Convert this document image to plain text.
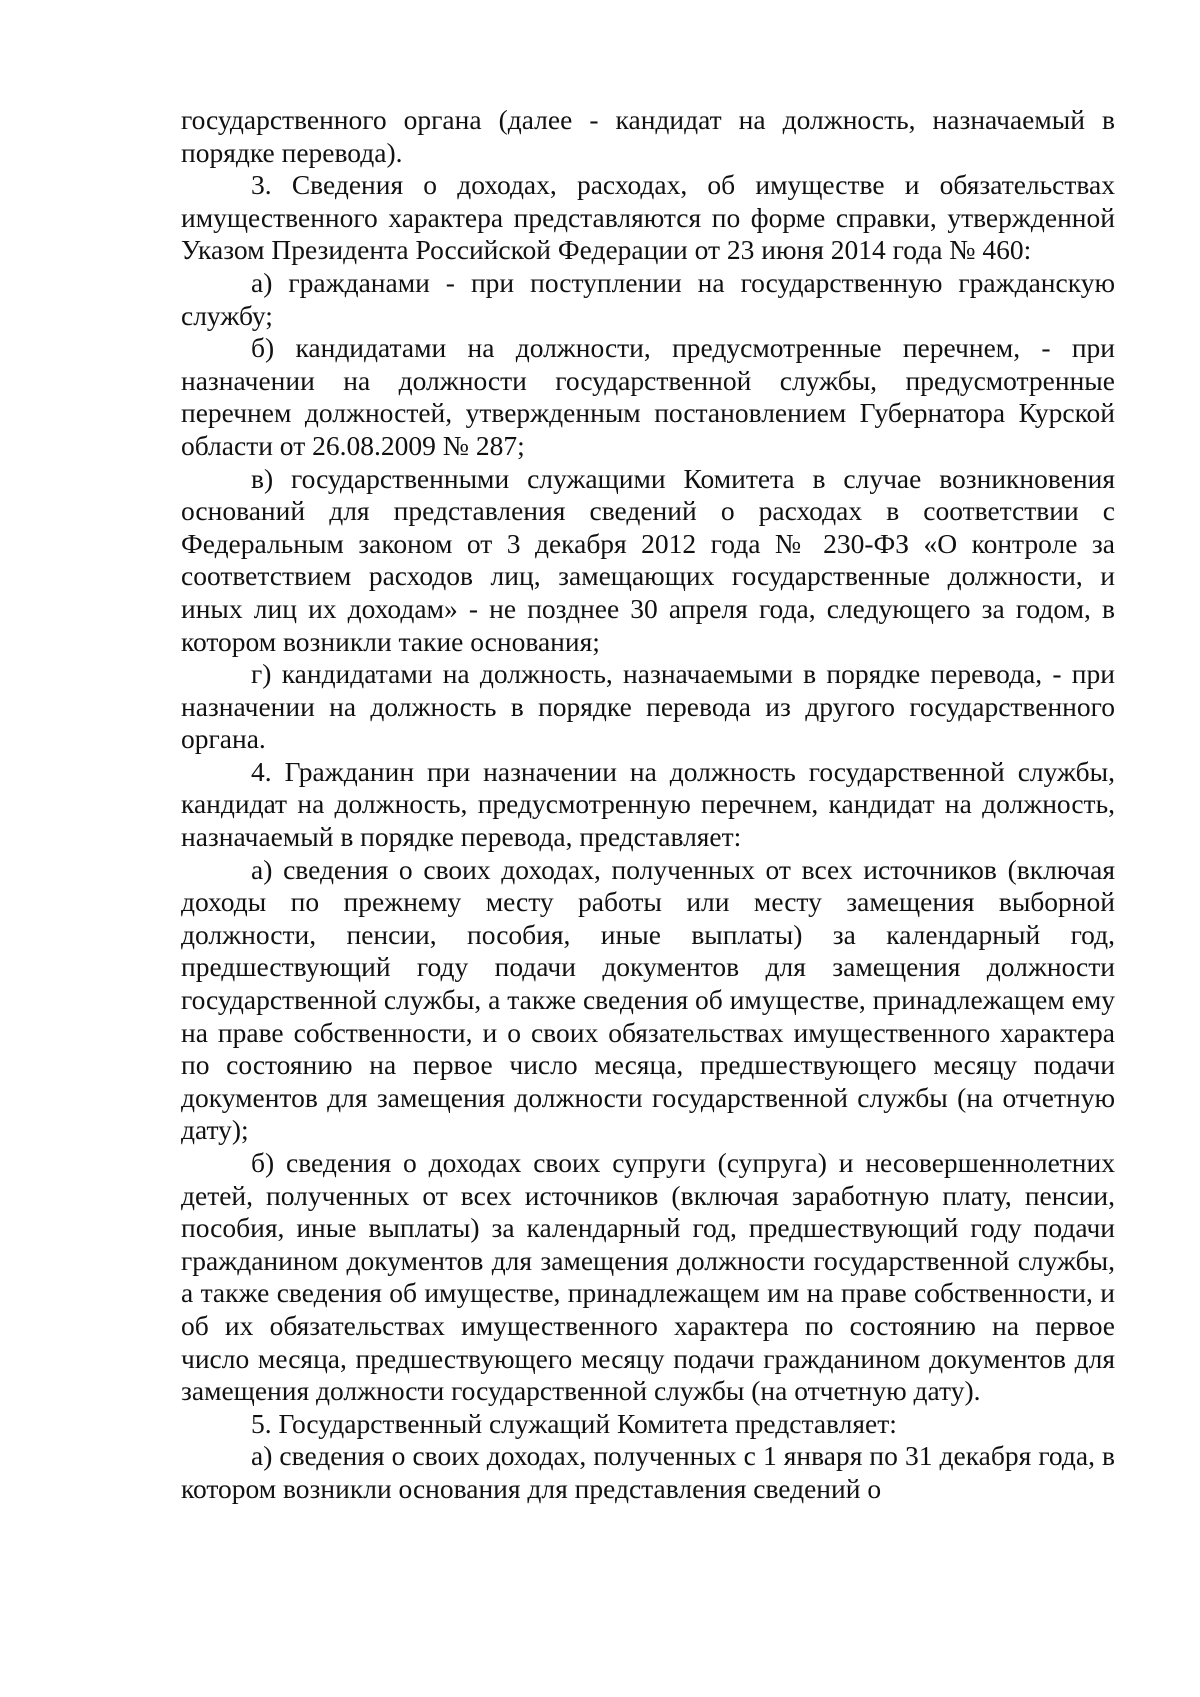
государственного органа (далее - кандидат на должность, назначаемый в порядке перевода).

3. Сведения о доходах, расходах, об имуществе и обязательствах имущественного характера представляются по форме справки, утвержденной Указом Президента Российской Федерации от 23 июня 2014 года № 460:

а) гражданами - при поступлении на государственную гражданскую службу;

б) кандидатами на должности, предусмотренные перечнем, - при назначении на должности государственной службы, предусмотренные перечнем должностей, утвержденным постановлением Губернатора Курской области от 26.08.2009 № 287;

в) государственными служащими Комитета в случае возникновения оснований для представления сведений о расходах в соответствии с Федеральным законом от 3 декабря 2012 года № 230-ФЗ «О контроле за соответствием расходов лиц, замещающих государственные должности, и иных лиц их доходам» - не позднее 30 апреля года, следующего за годом, в котором возникли такие основания;

г) кандидатами на должность, назначаемыми в порядке перевода, - при назначении на должность в порядке перевода из другого государственного органа.

4. Гражданин при назначении на должность государственной службы, кандидат на должность, предусмотренную перечнем, кандидат на должность, назначаемый в порядке перевода, представляет:

а) сведения о своих доходах, полученных от всех источников (включая доходы по прежнему месту работы или месту замещения выборной должности, пенсии, пособия, иные выплаты) за календарный год, предшествующий году подачи документов для замещения должности государственной службы, а также сведения об имуществе, принадлежащем ему на праве собственности, и о своих обязательствах имущественного характера по состоянию на первое число месяца, предшествующего месяцу подачи документов для замещения должности государственной службы (на отчетную дату);

б) сведения о доходах своих супруги (супруга) и несовершеннолетних детей, полученных от всех источников (включая заработную плату, пенсии, пособия, иные выплаты) за календарный год, предшествующий году подачи гражданином документов для замещения должности государственной службы, а также сведения об имуществе, принадлежащем им на праве собственности, и об их обязательствах имущественного характера по состоянию на первое число месяца, предшествующего месяцу подачи гражданином документов для замещения должности государственной службы (на отчетную дату).

5. Государственный служащий Комитета представляет:

а) сведения о своих доходах, полученных с 1 января по 31 декабря года, в котором возникли основания для представления сведений о
